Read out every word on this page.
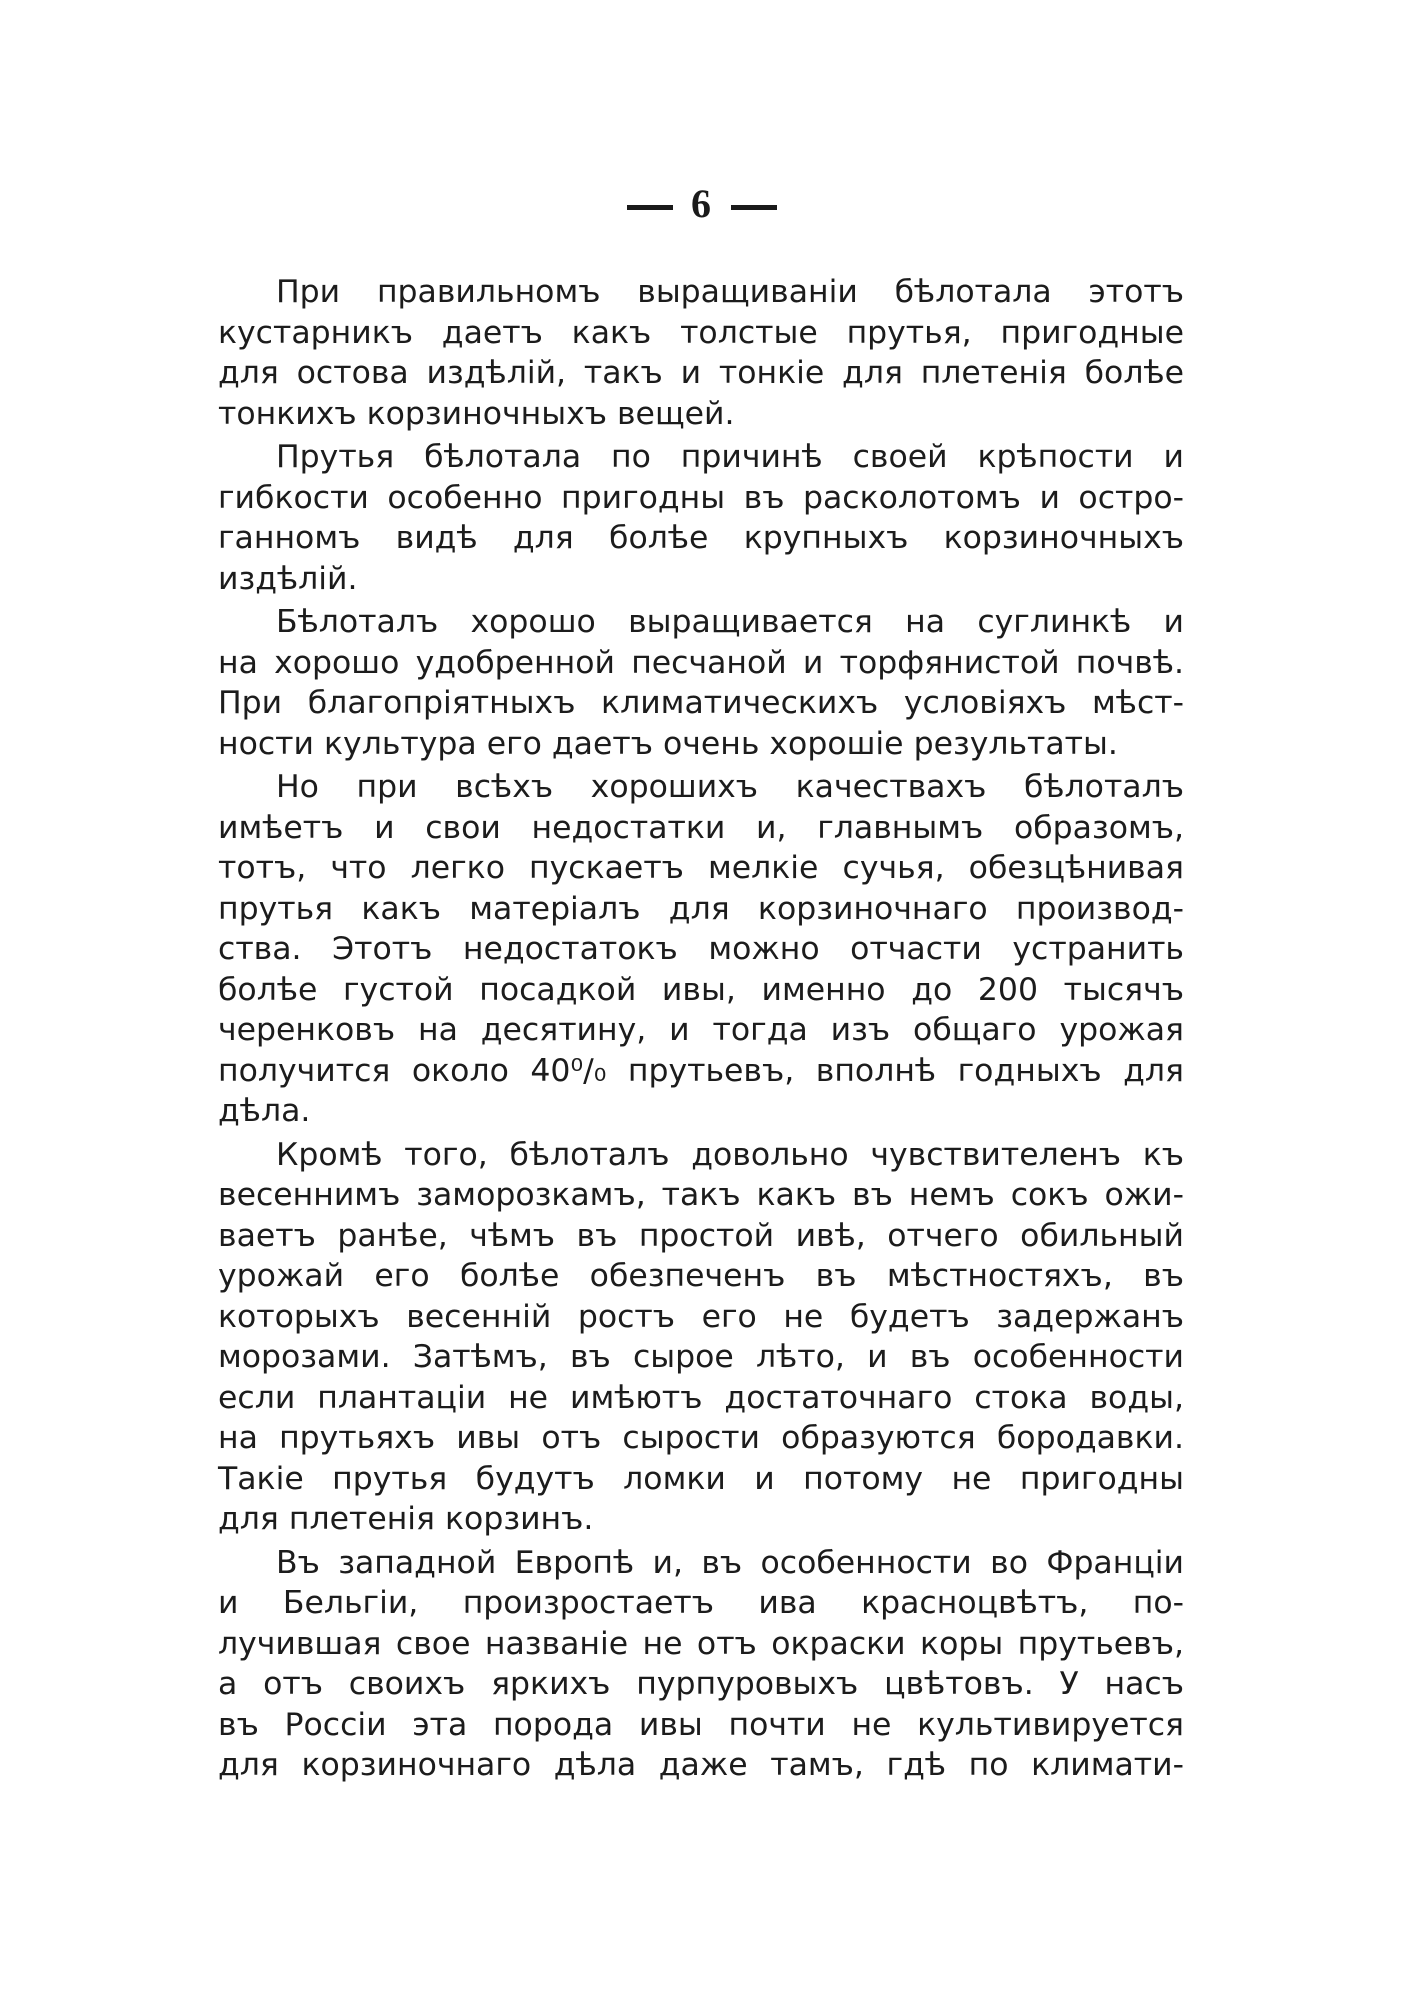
6
При правильномъ выращиванiи бѣлотала этотъ
кустарникъ даетъ какъ толстые прутья, пригодные
для остова издѣлiй, такъ и тонкiе для плетенiя болѣе
тонкихъ корзиночныхъ вещей.
Прутья бѣлотала по причинѣ своей крѣпости и
гибкости особенно пригодны въ расколотомъ и остро-
ганномъ видѣ для болѣе крупныхъ корзиночныхъ
издѣлiй.
Бѣлоталъ хорошо выращивается на суглинкѣ и
на хорошо удобренной песчаной и торфянистой почвѣ.
При благопрiятныхъ климатическихъ условiяхъ мѣст-
ности культура его даетъ очень хорошiе результаты.
Но при всѣхъ хорошихъ качествахъ бѣлоталъ
имѣетъ и свои недостатки и, главнымъ образомъ,
тотъ, что легко пускаетъ мелкiе сучья, обезцѣнивая
прутья какъ матерiалъ для корзиночнаго производ-
ства. Этотъ недостатокъ можно отчасти устранить
болѣе густой посадкой ивы, именно до 200 тысячъ
черенковъ на десятину, и тогда изъ общаго урожая
получится около 40⁰/₀ прутьевъ, вполнѣ годныхъ для
дѣла.
Кромѣ того, бѣлоталъ довольно чувствителенъ къ
весеннимъ заморозкамъ, такъ какъ въ немъ сокъ ожи-
ваетъ ранѣе, чѣмъ въ простой ивѣ, отчего обильный
урожай его болѣе обезпеченъ въ мѣстностяхъ, въ
которыхъ весеннiй ростъ его не будетъ задержанъ
морозами. Затѣмъ, въ сырое лѣто, и въ особенности
если плантацiи не имѣютъ достаточнаго стока воды,
на прутьяхъ ивы отъ сырости образуются бородавки.
Такiе прутья будутъ ломки и потому не пригодны
для плетенiя корзинъ.
Въ западной Европѣ и, въ особенности во Францiи
и Бельгiи, произростаетъ ива красноцвѣтъ, по-
лучившая свое названiе не отъ окраски коры прутьевъ,
а отъ своихъ яркихъ пурпуровыхъ цвѣтовъ. У насъ
въ Россiи эта порода ивы почти не культивируется
для корзиночнаго дѣла даже тамъ, гдѣ по климати-
